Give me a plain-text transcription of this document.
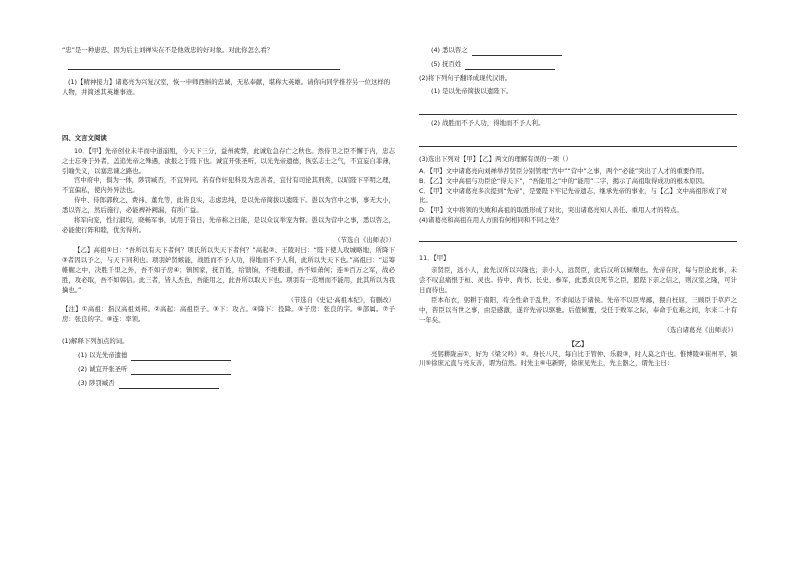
“忠”是一种患忠，因为后主刘禅实在不是他效忠的好对象。对此你怎么看？

(1)【精神接力】诸葛亮为兴复汉室，恢一申师西斛的忠诚，无私奉献，堪称大英雄。请你向同学推荐另一位这样的人物，并简述其英雄事迹。

四、文言文阅读

10．【甲】先帝创业未半而中道崩殂，今天下三分，益州疲弊，此诚危急存亡之秋也。然侍卫之臣不懈于内，忠志之士忘身于外者，盖追先帝之殊遇，欲报之于陛下也。诚宜开张圣听，以光先帝遗德，恢弘志士之气，不宜妄自菲薄，引喻失义，以塞忠谏之路也。

宫中府中，俱为一体，陟罚臧否，不宜异同。若有作奸犯科及为忠善者，宜付有司论其刑赏，以昭陛下平明之理，不宜偏私，使内外异法也。

侍中、侍郎郭攸之、费祎、董允等，此皆良实，志虑忠纯，是以先帝简拔以遗陛下。愚以为宫中之事，事无大小，悉以咨之，然后施行，必能裨补阙漏，有所广益。

将军向宠，性行淑均，晓畅军事，试用于昔日，先帝称之曰能，是以众议举宠为督。愚以为营中之事，悉以咨之，必能使行阵和睦，优劣得所。

（节选自《出师表》）

【乙】高祖①曰：“吾所以有天下者何？项氏所以失天下者何？”高起②、王陵对曰：“陛下使人攻城略地，所降下③者因以予之，与天下同利也。项羽妒贤嫉能，战胜而不予人功，得地而不予人利，此所以失天下也。”高祖曰：“运筹帷幄之中，决胜千里之外，吾不如子房④；镇国家，抚百姓，给馈饷，不绝粮道，吾不如萧何；连⑤百万之军，战必胜，攻必取，吾不如韩信。此三者，皆人杰也，吾能用之，此吾所以取天下也。项羽有一范增而不能用，此其所以为我擒也。”

（节选自《史记·高祖本纪》，有删改）

【注】①高祖：指汉高祖刘邦。②高起：高祖臣子。③下：攻占。④降下：投降。⑤子房：张良的字。⑥部属。⑦子房：张良的字。⑧连：率领。

(1)解释下列加点的词。

(1) 以光先帝遗德

(2) 诚宜开张圣听

(3) 陟罚臧否

(4) 悉以咨之

(5) 抚百姓

(2)将下列句子翻译成现代汉语。

(1) 是以先帝简拔以遗陛下。

(2) 战胜而不予人功，得地而不予人利。

(3)选出下列对【甲】【乙】两文的理解有误的一项（）

A．【甲】文中诸葛亮向刘禅举荐贤臣分别管理“宫中”“营中”之事，两个“必能”突出了人才的重要作用。

B．【乙】文中高祖与功臣论“得天下”，“吾能用之”中的“能用”二字，揭示了高祖取得成功的根本原因。

C．【甲】文中诸葛亮多次提到“先帝”，是要陛下牢记先帝遗志，继承先帝的事业，与【乙】文中高祖形成了对比。

D．【甲】文中将领的失败和高祖的取胜形成了对比，突出诸葛亮知人善任、重用人才的特点。

(4)诸葛亮和高祖在用人方面有何相同和不同之处？

11．【甲】

亲贤臣，远小人，此先汉所以兴隆也；亲小人，远贤臣，此后汉所以倾颓也。先帝在时，每与臣论此事，未尝不叹息痛恨于桓、灵也。侍中、尚书、长史、参军，此悉贞良死节之臣，愿陛下亲之信之，则汉室之隆，可计日而待也。

臣本布衣，躬耕于南阳，苟全性命于乱世，不求闻达于诸侯。先帝不以臣卑鄙，猥自枉屈，三顾臣于草庐之中，咨臣以当世之事，由是感激，遂许先帝以驱驰。后值倾覆，受任于败军之际，奉命于危难之间，尔来二十有一年矣。

（选自诸葛亮《出师表》）

【乙】

亮躬耕陇亩①，好为《梁父吟》②。身长八尺，每自比于管仲、乐毅③，时人莫之许也。惟博陵④崔州平、颍川⑤徐庶元直与亮友善，谓为信然。时先主⑥屯新野，徐庶见先主，先主器之，谓先主曰：
